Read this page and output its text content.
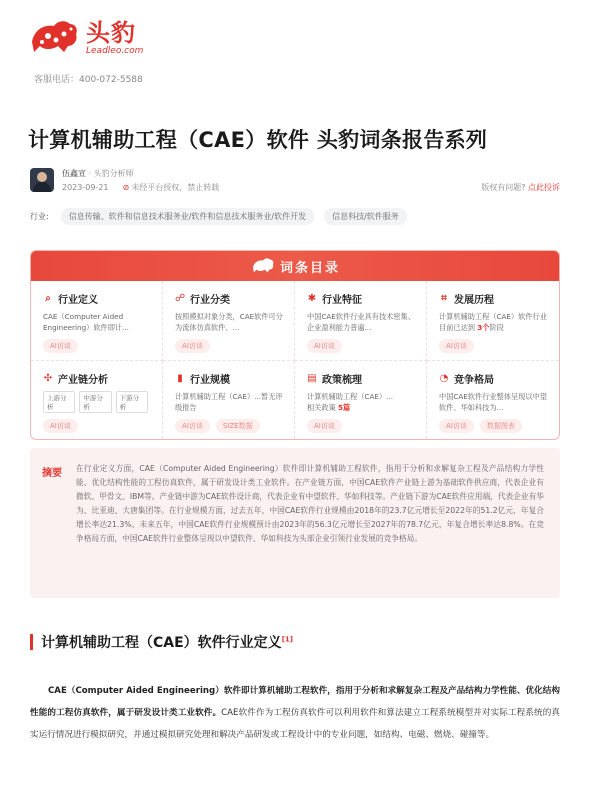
头豹
Leadleo.com
客服电话：400-072-5588
计算机辅助工程（CAE）软件 头豹词条报告系列
伍鑫宣 · 头豹分析师
2023-09-21 ⊘ 未经平台授权，禁止转载	版权有问题? 点此投诉
行业:	信息传输、软件和信息技术服务业/软件和信息技术服务业/软件开发	信息科技/软件服务
词条目录
⌕ 行业定义
CAE（Computer Aided Engineering）软件即计...
AI访谈
☍ 行业分类
按照模拟对象分类，CAE软件可分为流体仿真软件、...
AI访谈
✱ 行业特征
中国CAE软件行业具有技术密集、企业盈利能力普遍...
AI访谈
⌗ 发展历程
计算机辅助工程（CAE）软件行业
目前已达到 3个阶段
AI访谈
✣ 产业链分析
上游分析
中游分析
下游分析
AI访谈
▮ 行业规模
计算机辅助工程（CAE）...暂无评级报告
AI访谈	SIZE数据
▤ 政策梳理
计算机辅助工程（CAE）...
相关政策 5篇
AI访谈
◔ 竞争格局
中国CAE软件行业整体呈现以中望软件、华如科技为...
AI访谈	数据图表
摘要 在行业定义方面，CAE（Computer Aided Engineering）软件即计算机辅助工程软件，指用于分析和求解复杂工程及产品结构力学性能、优化结构性能的工程仿真软件，属于研发设计类工业软件。在产业链方面，中国CAE软件产业链上游为基础软件供应商，代表企业有微软、甲骨文、IBM等。产业链中游为CAE软件设计商，代表企业有中望软件、华如科技等。产业链下游为CAE软件应用端，代表企业有华为、比亚迪、大唐集团等。在行业规模方面，过去五年，中国CAE软件行业规模由2018年的23.7亿元增长至2022年的51.2亿元，年复合增长率达21.3%。未来五年，中国CAE软件行业规模预计由2023年的56.3亿元增长至2027年的78.7亿元，年复合增长率达8.8%。在竞争格局方面，中国CAE软件行业整体呈现以中望软件、华如科技为头部企业引领行业发展的竞争格局。

计算机辅助工程（CAE）软件行业定义[1]
CAE（Computer Aided Engineering）软件即计算机辅助工程软件，指用于分析和求解复杂工程及产品结构力学性能、优化结构性能的工程仿真软件，属于研发设计类工业软件。CAE软件作为工程仿真软件可以利用软件和算法建立工程系统模型并对实际工程系统的真实运行情况进行模拟研究，并通过模拟研究处理和解决产品研发或工程设计中的专业问题，如结构、电磁、燃烧、碰撞等。
